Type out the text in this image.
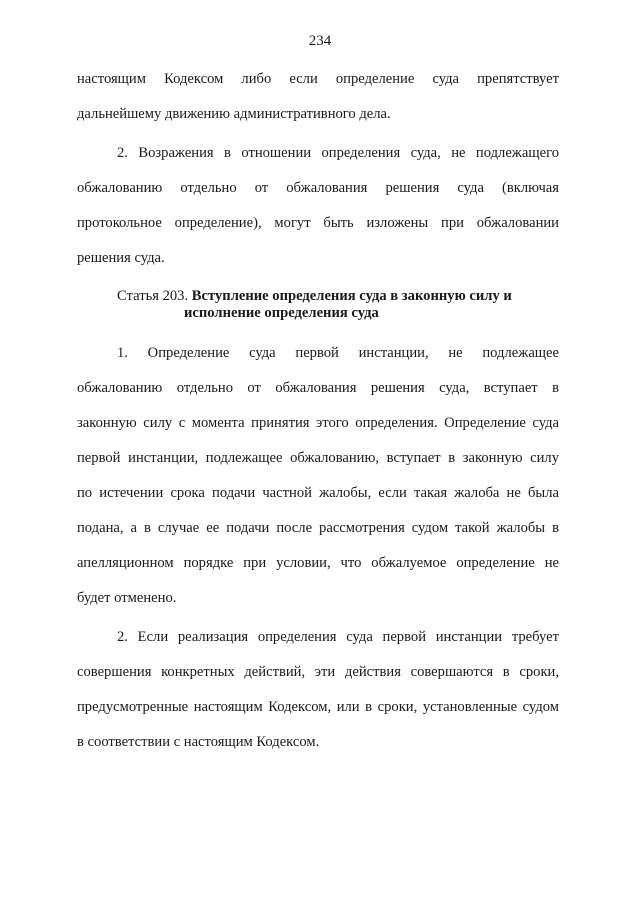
234
настоящим Кодексом либо если определение суда препятствует
дальнейшему движению административного дела.
2. Возражения в отношении определения суда, не подлежащего
обжалованию отдельно от обжалования решения суда (включая
протокольное определение), могут быть изложены при обжаловании
решения суда.
Статья 203. Вступление определения суда в законную силу и
исполнение определения суда
1. Определение суда первой инстанции, не подлежащее
обжалованию отдельно от обжалования решения суда, вступает в
законную силу с момента принятия этого определения. Определение суда
первой инстанции, подлежащее обжалованию, вступает в законную силу
по истечении срока подачи частной жалобы, если такая жалоба не была
подана, а в случае ее подачи после рассмотрения судом такой жалобы в
апелляционном порядке при условии, что обжалуемое определение не
будет отменено.
2. Если реализация определения суда первой инстанции требует
совершения конкретных действий, эти действия совершаются в сроки,
предусмотренные настоящим Кодексом, или в сроки, установленные судом
в соответствии с настоящим Кодексом.
